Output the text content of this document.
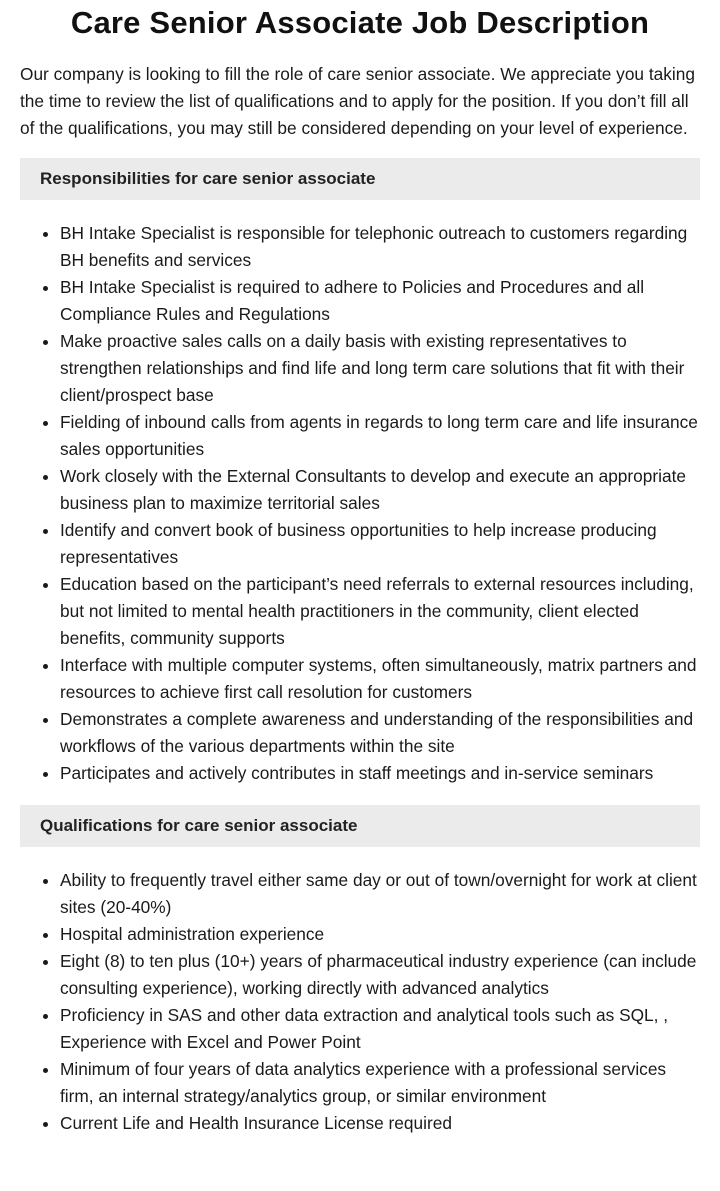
Care Senior Associate Job Description

Our company is looking to fill the role of care senior associate. We appreciate you taking the time to review the list of qualifications and to apply for the position. If you don’t fill all of the qualifications, you may still be considered depending on your level of experience.

Responsibilities for care senior associate
• BH Intake Specialist is responsible for telephonic outreach to customers regarding BH benefits and services
• BH Intake Specialist is required to adhere to Policies and Procedures and all Compliance Rules and Regulations
• Make proactive sales calls on a daily basis with existing representatives to strengthen relationships and find life and long term care solutions that fit with their client/prospect base
• Fielding of inbound calls from agents in regards to long term care and life insurance sales opportunities
• Work closely with the External Consultants to develop and execute an appropriate business plan to maximize territorial sales
• Identify and convert book of business opportunities to help increase producing representatives
• Education based on the participant’s need referrals to external resources including, but not limited to mental health practitioners in the community, client elected benefits, community supports
• Interface with multiple computer systems, often simultaneously, matrix partners and resources to achieve first call resolution for customers
• Demonstrates a complete awareness and understanding of the responsibilities and workflows of the various departments within the site
• Participates and actively contributes in staff meetings and in-service seminars
Qualifications for care senior associate
• Ability to frequently travel either same day or out of town/overnight for work at client sites (20-40%)
• Hospital administration experience
• Eight (8) to ten plus (10+) years of pharmaceutical industry experience (can include consulting experience), working directly with advanced analytics
• Proficiency in SAS and other data extraction and analytical tools such as SQL, , Experience with Excel and Power Point
• Minimum of four years of data analytics experience with a professional services firm, an internal strategy/analytics group, or similar environment
• Current Life and Health Insurance License required
